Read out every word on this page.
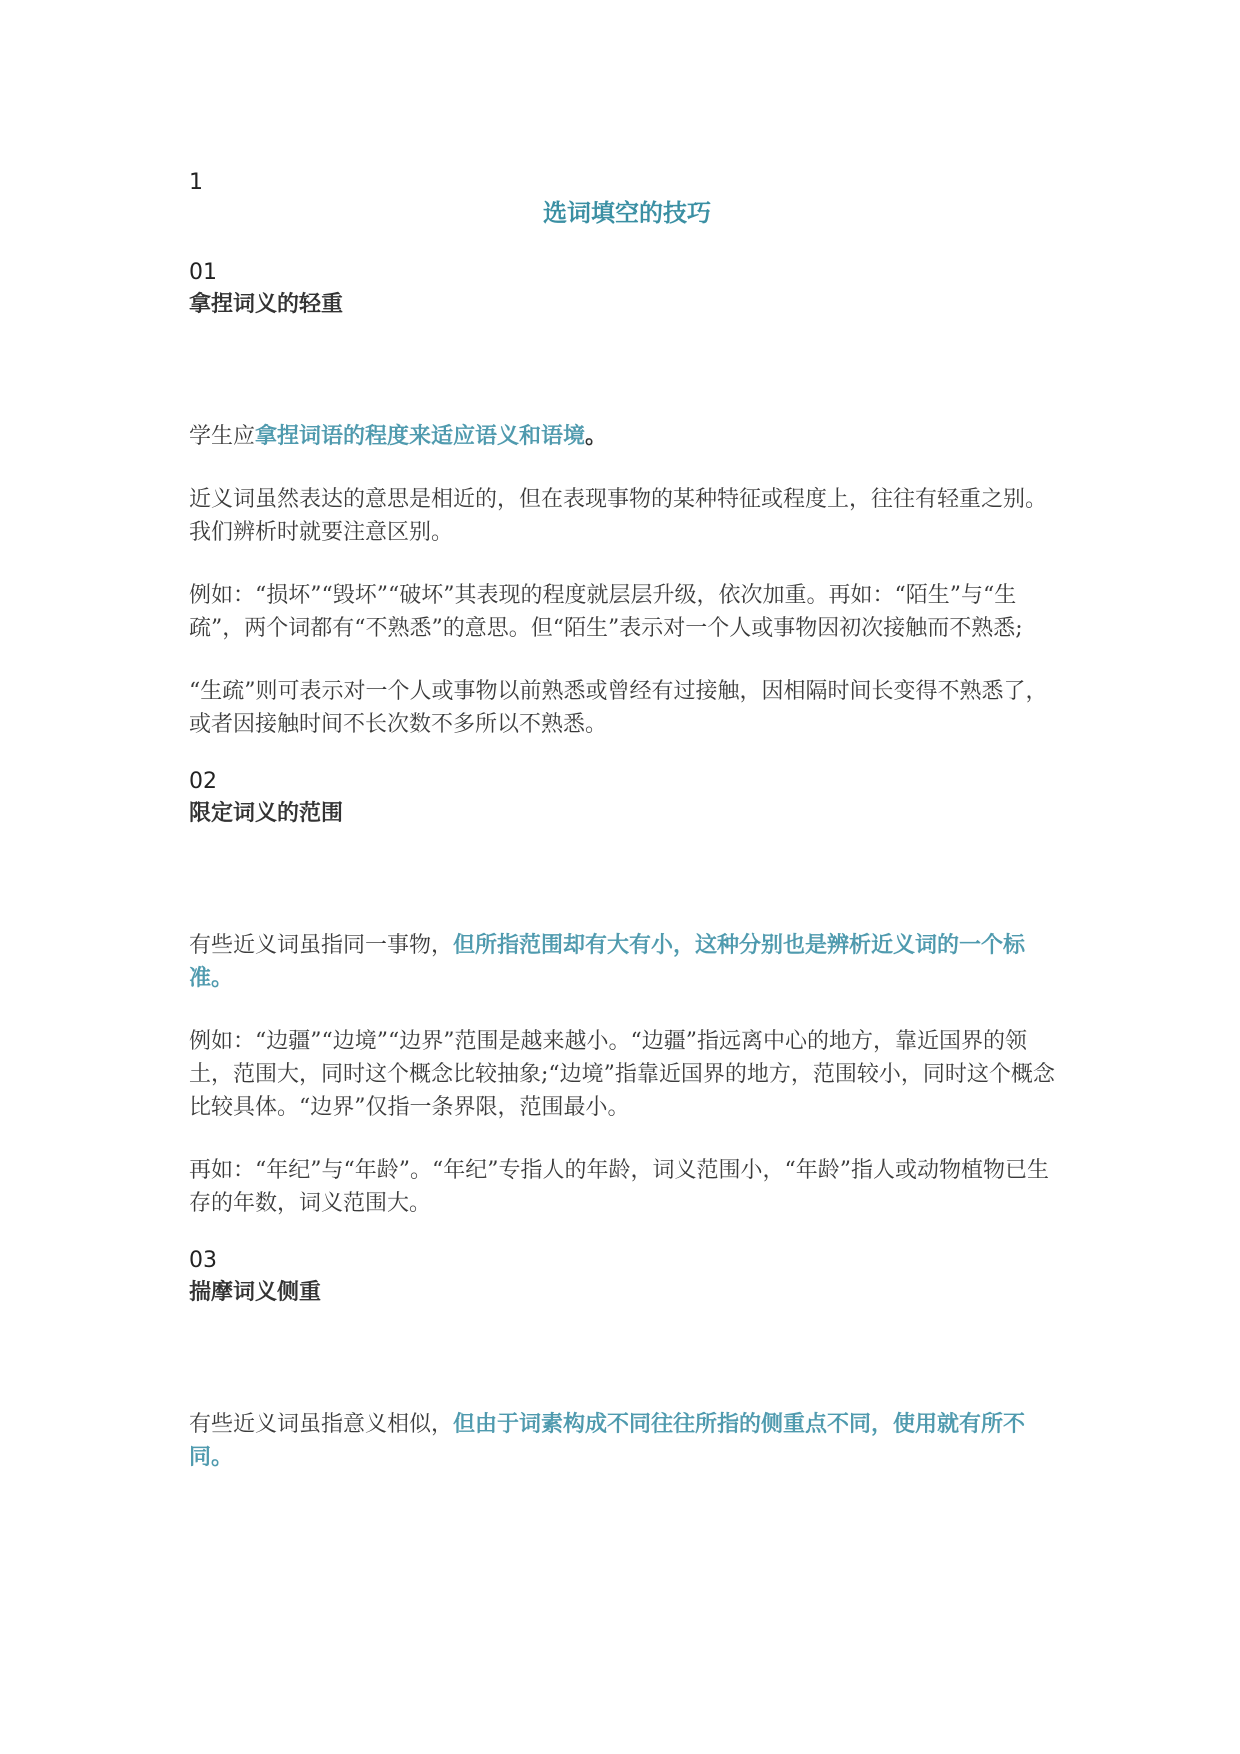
1
选词填空的技巧
01
拿捏词义的轻重

学生应拿捏词语的程度来适应语义和语境。

近义词虽然表达的意思是相近的，但在表现事物的某种特征或程度上，往往有轻重之别。我们辨析时就要注意区别。

例如：“损坏”“毁坏”“破坏”其表现的程度就层层升级，依次加重。再如：“陌生”与“生疏”，两个词都有“不熟悉”的意思。但“陌生”表示对一个人或事物因初次接触而不熟悉;

“生疏”则可表示对一个人或事物以前熟悉或曾经有过接触，因相隔时间长变得不熟悉了，或者因接触时间不长次数不多所以不熟悉。

02
限定词义的范围

有些近义词虽指同一事物，但所指范围却有大有小，这种分别也是辨析近义词的一个标准。

例如：“边疆”“边境”“边界”范围是越来越小。“边疆”指远离中心的地方，靠近国界的领土，范围大，同时这个概念比较抽象;“边境”指靠近国界的地方，范围较小，同时这个概念比较具体。“边界”仅指一条界限，范围最小。

再如：“年纪”与“年龄”。“年纪”专指人的年龄，词义范围小，“年龄”指人或动物植物已生存的年数，词义范围大。

03
揣摩词义侧重

有些近义词虽指意义相似，但由于词素构成不同往往所指的侧重点不同，使用就有所不同。
